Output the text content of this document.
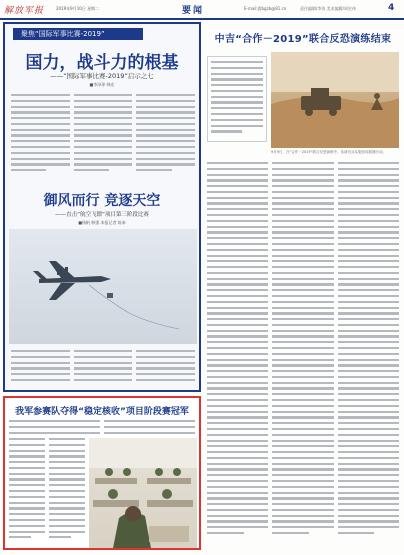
解放军报	2019年9月10日 星期二	要闻	E-mail:jfjbgzb@81.cn	责任编辑/李涛 美术编辑/周宏伟	4
聚焦“国际军事比赛-2019”
国力，战斗力的根基
——“国际军事比赛-2019”启示之七
■李泽琼 韩宏
御风而行 竞逐天空
——直击“航空飞镖”项目第三阶段比赛
■杨帆 韩强 本报记者 陈泰
我军参赛队夺得“稳定核收”项目阶段赛冠军
中吉“合作－2019”联合反恐演练结束
9月9日，在“合作－2019”联合反恐演练中，参演官兵实施协同抓捕行动。
